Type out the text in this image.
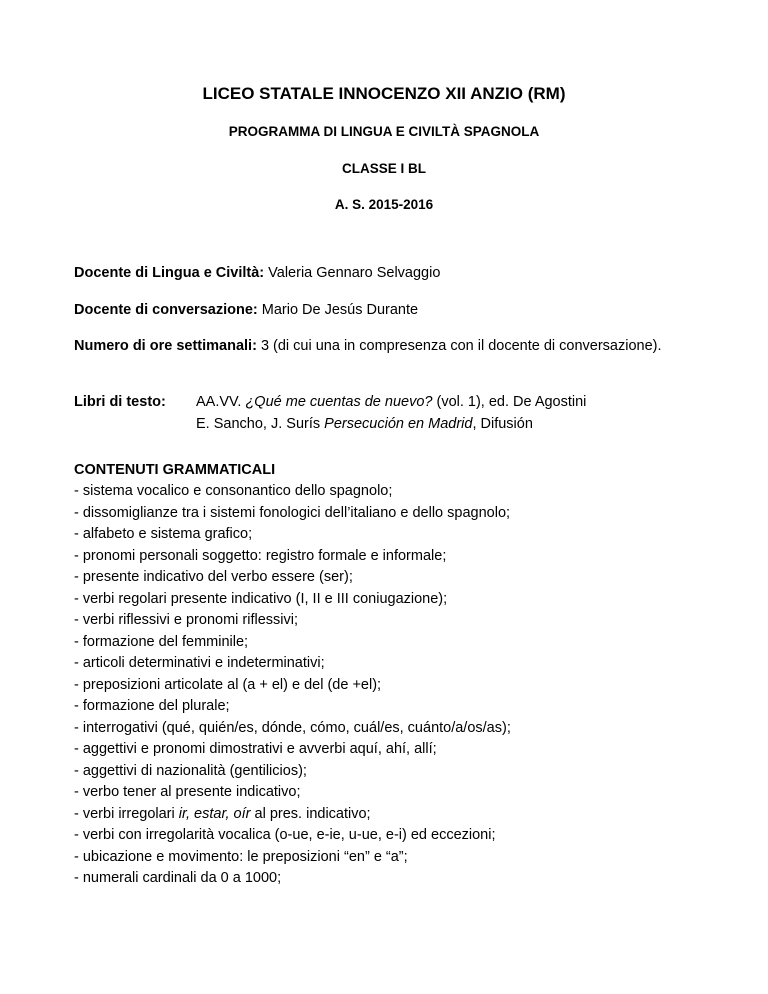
LICEO STATALE INNOCENZO XII ANZIO (RM)
PROGRAMMA DI LINGUA E CIVILTÀ SPAGNOLA
CLASSE I BL
A. S. 2015-2016
Docente di Lingua e Civiltà: Valeria Gennaro Selvaggio
Docente di conversazione: Mario De Jesús Durante
Numero di ore settimanali: 3 (di cui una in compresenza con il docente di conversazione).
Libri di testo: AA.VV. ¿Qué me cuentas de nuevo? (vol. 1), ed. De Agostini
E. Sancho, J. Surís Persecución en Madrid, Difusión
CONTENUTI GRAMMATICALI
- sistema vocalico e consonantico dello spagnolo;
- dissomiglianze tra i sistemi fonologici dell’italiano e dello spagnolo;
- alfabeto e sistema grafico;
- pronomi personali soggetto: registro formale e informale;
- presente indicativo del verbo essere (ser);
- verbi regolari presente indicativo (I, II e III coniugazione);
- verbi riflessivi e pronomi riflessivi;
- formazione del femminile;
- articoli determinativi e indeterminativi;
- preposizioni articolate al (a + el) e del (de +el);
- formazione del plurale;
- interrogativi (qué, quién/es, dónde, cómo, cuál/es, cuánto/a/os/as);
- aggettivi e pronomi dimostrativi e avverbi aquí, ahí, allí;
- aggettivi di nazionalità (gentilicios);
- verbo tener al presente indicativo;
- verbi irregolari ir, estar, oír al pres. indicativo;
- verbi con irregolarità vocalica (o-ue, e-ie, u-ue, e-i) ed eccezioni;
- ubicazione e movimento: le preposizioni “en” e “a”;
- numerali cardinali da 0 a 1000;
